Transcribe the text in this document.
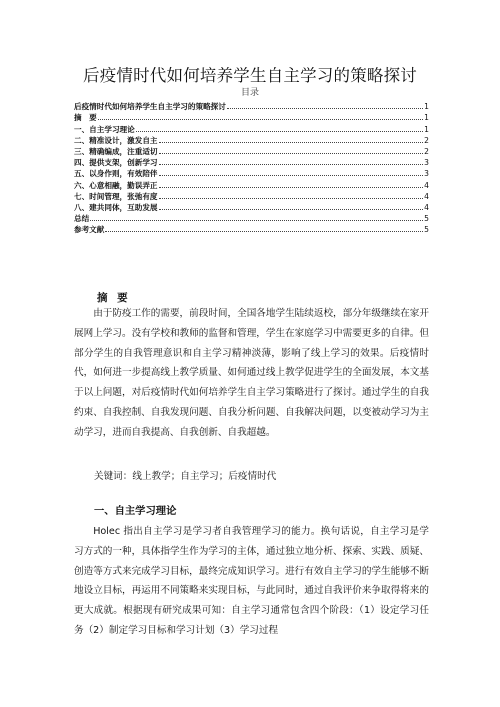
后疫情时代如何培养学生自主学习的策略探讨
目录
后疫情时代如何培养学生自主学习的策略探讨	1
摘　要	1
一、自主学习理论	1
二、精准设计，激发自主	2
三、精确编成，注重适切	2
四、提供支架，创新学习	3
五、以身作则，有效陪伴	3
六、心意相融，勤误弄正	4
七、时间管理，张弛有度	4
八、建共同体，互助发展	4
总结	5
参考文献	5
摘 要

由于防疫工作的需要，前段时间，全国各地学生陆续返校，部分年级继续在家开展网上学习。没有学校和教师的监督和管理，学生在家庭学习中需要更多的自律。但部分学生的自我管理意识和自主学习精神淡薄，影响了线上学习的效果。后疫情时代，如何进一步提高线上教学质量、如何通过线上教学促进学生的全面发展，本文基于以上问题，对后疫情时代如何培养学生自主学习策略进行了探讨。通过学生的自我约束、自我控制、自我发现问题、自我分析问题、自我解决问题，以变被动学习为主动学习，进而自我提高、自我创新、自我超越。

关键词：线上教学；自主学习；后疫情时代
一、自主学习理论

Holec 指出自主学习是学习者自我管理学习的能力。换句话说，自主学习是学习方式的一种，具体指学生作为学习的主体，通过独立地分析、探索、实践、质疑、创造等方式来完成学习目标，最终完成知识学习。进行有效自主学习的学生能够不断地设立目标，再运用不同策略来实现目标，与此同时，通过自我评价来争取得将来的更大成就。根据现有研究成果可知：自主学习通常包含四个阶段：（1）设定学习任务（2）制定学习目标和学习计划（3）学习过程
